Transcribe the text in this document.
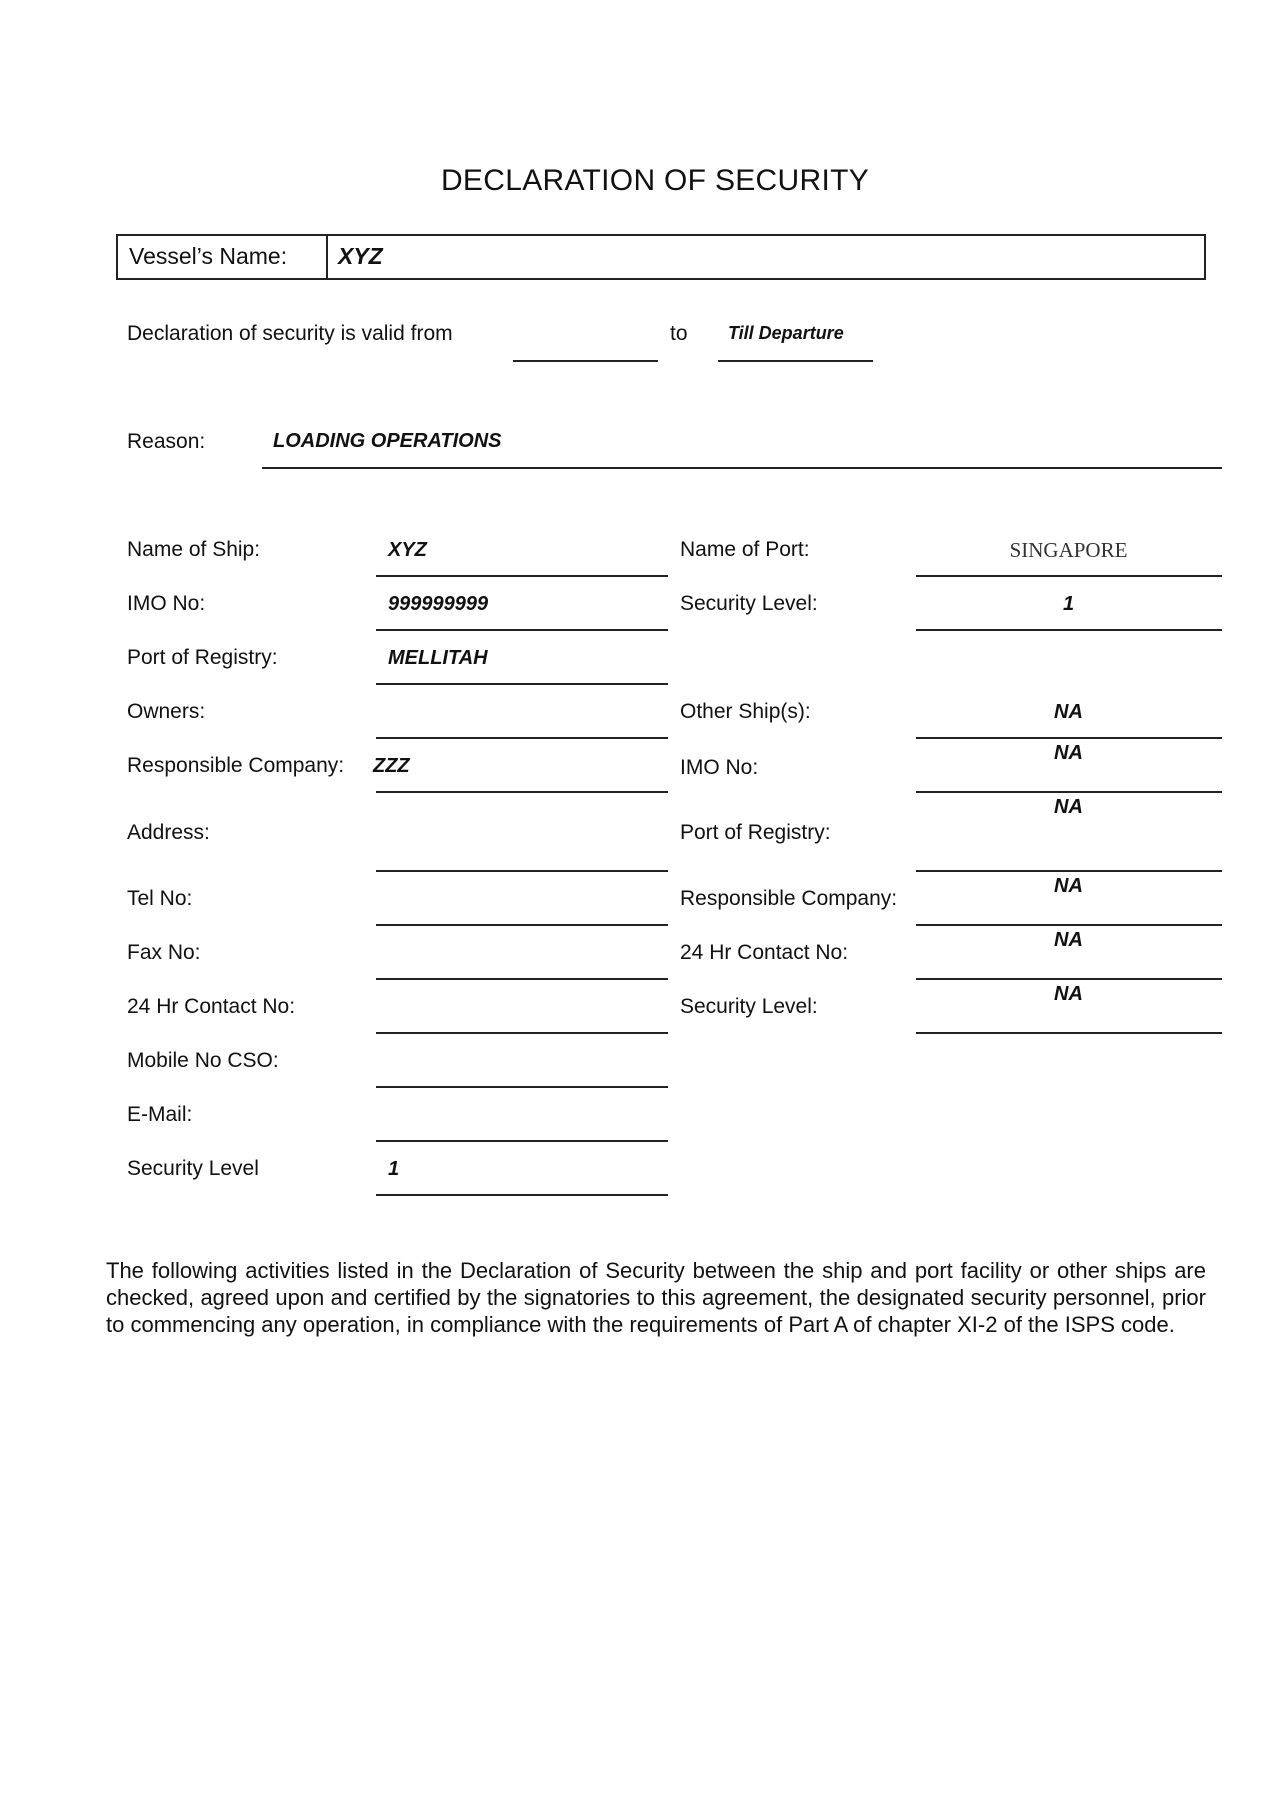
DECLARATION OF SECURITY
Vessel’s Name: XYZ
Declaration of security is valid from	to Till Departure
Reason:	LOADING OPERATIONS
Name of Ship:	XYZ
IMO No:	999999999
Port of Registry:	MELLITAH
Owners:
Responsible Company: ZZZ
Address:
Tel No:
Fax No:
24 Hr Contact No:
Mobile No CSO:
E-Mail:
Security Level	1
Name of Port:	SINGAPORE
Security Level:	1
Other Ship(s):	NA
IMO No:
NA
Port of Registry:
NA
Responsible Company:
NA
24 Hr Contact No:
NA
Security Level:
NA
The following activities listed in the Declaration of Security between the ship and port facility or other ships are checked, agreed upon and certified by the signatories to this agreement, the designated security personnel, prior to commencing any operation, in compliance with the requirements of Part A of chapter XI-2 of the ISPS code.
